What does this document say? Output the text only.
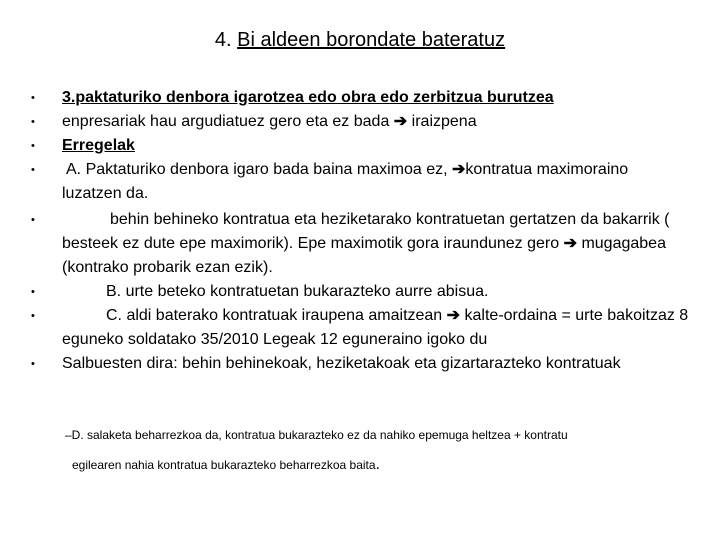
4. Bi aldeen borondate bateratuz
• 3.paktaturiko denbora igarotzea edo obra edo zerbitzua burutzea
• enpresariak hau argudiatuez gero eta ez bada ➔ iraizpena
• Erregelak
• A. Paktaturiko denbora igaro bada baina maximoa ez, ➔kontratua maximoraino luzatzen da.
•	behin behineko kontratua eta heziketarako kontratuetan gertatzen da bakarrik ( besteek ez dute epe maximorik). Epe maximotik gora iraundunez gero ➔ mugagabea (kontrako probarik ezan ezik).
•	B. urte beteko kontratuetan bukarazteko aurre abisua.
•	C. aldi baterako kontratuak iraupena amaitzean ➔ kalte-ordaina = urte bakoitzaz 8 eguneko soldatako 35/2010 Legeak 12 eguneraino igoko du
• Salbuesten dira: behin behinekoak, heziketakoak eta gizartarazteko kontratuak
–D. salaketa beharrezkoa da, kontratua bukarazteko ez da nahiko epemuga heltzea + kontratu
egilearen nahia kontratua bukarazteko beharrezkoa baita.
